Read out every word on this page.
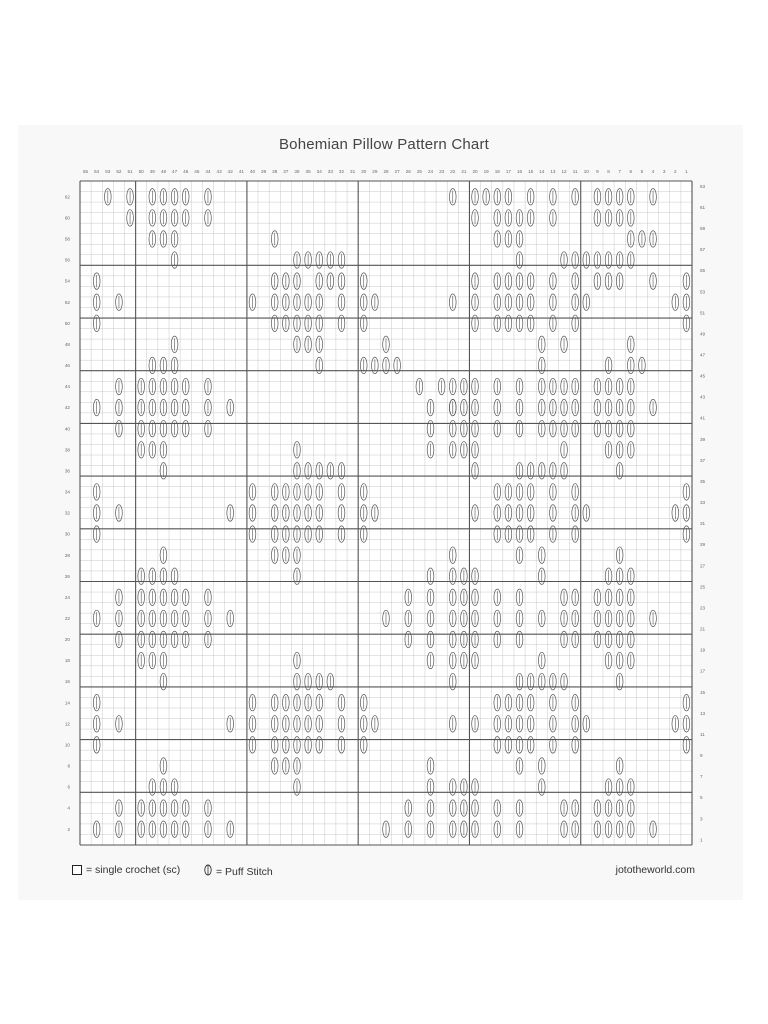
Bohemian Pillow Pattern Chart
55 54 53 52 51 50 49 48 47 46 45 44 43 42 41 40 39 38 37 36 35 34 33 32 31 30 29 28 27 26 25 24 23 22 21 20 19 18 17 16 15 14 13 12 11 10 9 8 7 6 5 4 3 2 1
62
60
58
56
54
52
50
48
46
44
42
40
38
36
34
32
30
28
26
24
22
20
18
16
14
12
10
8
6
4
2
63
61
59
57
55
53
51
49
47
45
43
41
39
37
35
33
31
29
27
25
23
21
19
17
15
13
11
9
7
5
3
1
= single crochet (sc)	= Puff Stitch	jototheworld.com
